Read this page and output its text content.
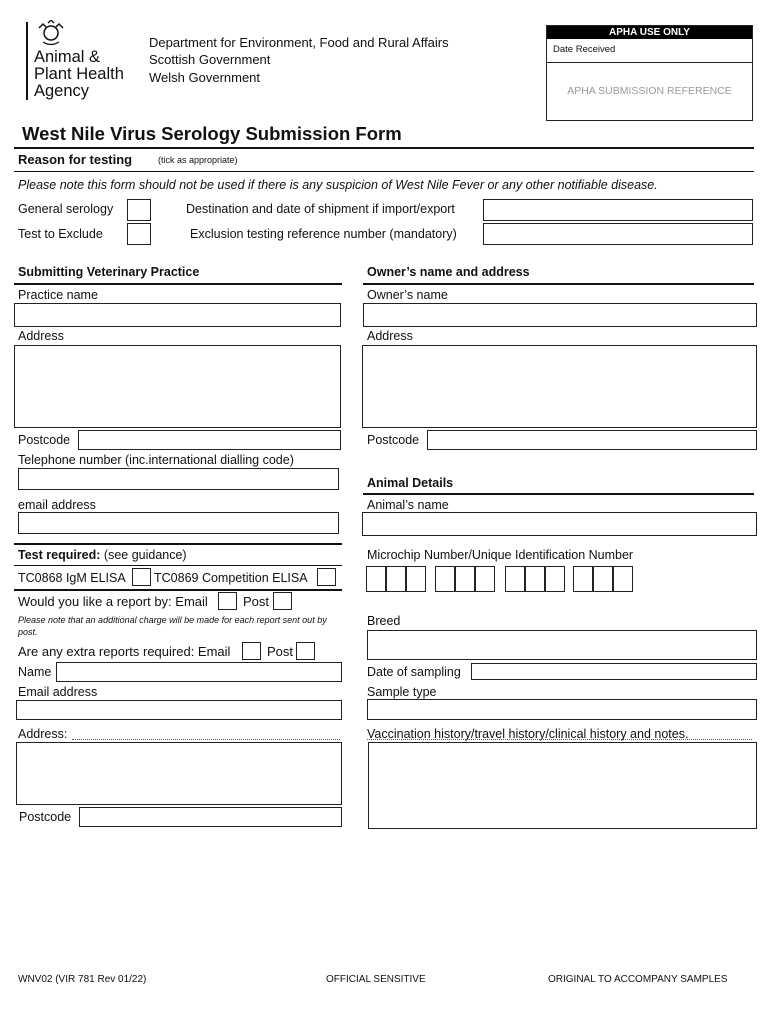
Animal &
Plant Health
Agency
Department for Environment, Food and Rural Affairs
Scottish Government
Welsh Government
APHA USE ONLY
Date Received
APHA SUBMISSION REFERENCE
West Nile Virus Serology Submission Form
Reason for testing	(tick as appropriate)
Please note this form should not be used if there is any suspicion of West Nile Fever or any other notifiable disease.
General serology	Destination and date of shipment if import/export
Test to Exclude	Exclusion testing reference number (mandatory)
Submitting Veterinary Practice
Practice name
Address
Postcode
Telephone number (inc.international dialling code)
email address
Test required: (see guidance)
TC0868 IgM ELISA TC0869 Competition ELISA
Would you like a report by: Email	Post
Please note that an additional charge will be made for each report sent out by post.
Are any extra reports required: Email	Post
Name
Email address
Address:
Postcode
Owner’s name and address
Owner’s name
Address
Postcode
Animal Details
Animal’s name
Microchip Number/Unique Identification Number
Breed
Date of sampling
Sample type
Vaccination history/travel history/clinical history and notes.
WNV02 (VIR 781 Rev 01/22)	OFFICIAL SENSITIVE	ORIGINAL TO ACCOMPANY SAMPLES
